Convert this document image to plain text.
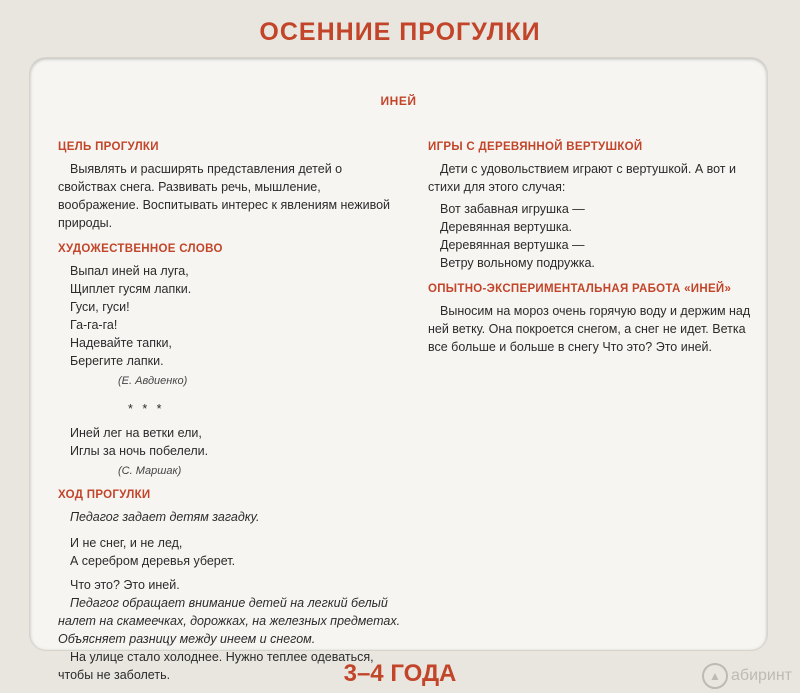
ОСЕННИЕ ПРОГУЛКИ
ИНЕЙ
ЦЕЛЬ ПРОГУЛКИ
Выявлять и расширять представления детей о свойствах снега. Развивать речь, мышление, воображение. Воспитывать интерес к явлениям неживой природы.
ХУДОЖЕСТВЕННОЕ СЛОВО
Выпал иней на луга,
Щиплет гусям лапки.
Гуси, гуси!
Га-га-га!
Надевайте тапки,
Берегите лапки.
(Е. Авдиенко)
* * *
Иней лег на ветки ели,
Иглы за ночь побелели.
(С. Маршак)
ХОД ПРОГУЛКИ
Педагог задает детям загадку.
И не снег, и не лед,
А серебром деревья уберет.
Что это? Это иней.
Педагог обращает внимание детей на легкий белый налет на скамеечках, дорожках, на железных предметах. Объясняет разницу между инеем и снегом.
На улице стало холоднее. Нужно теплее одеваться, чтобы не заболеть.
ИГРЫ С ДЕРЕВЯННОЙ ВЕРТУШКОЙ
Дети с удовольствием играют с вертушкой. А вот и стихи для этого случая:
Вот забавная игрушка —
Деревянная вертушка.
Деревянная вертушка —
Ветру вольному подружка.
ОПЫТНО-ЭКСПЕРИМЕНТАЛЬНАЯ РАБОТА «ИНЕЙ»
Выносим на мороз очень горячую воду и держим над ней ветку. Она покроется снегом, а снег не идет. Ветка все больше и больше в снегу Что это? Это иней.
3–4 ГОДА	▲ абиринт
